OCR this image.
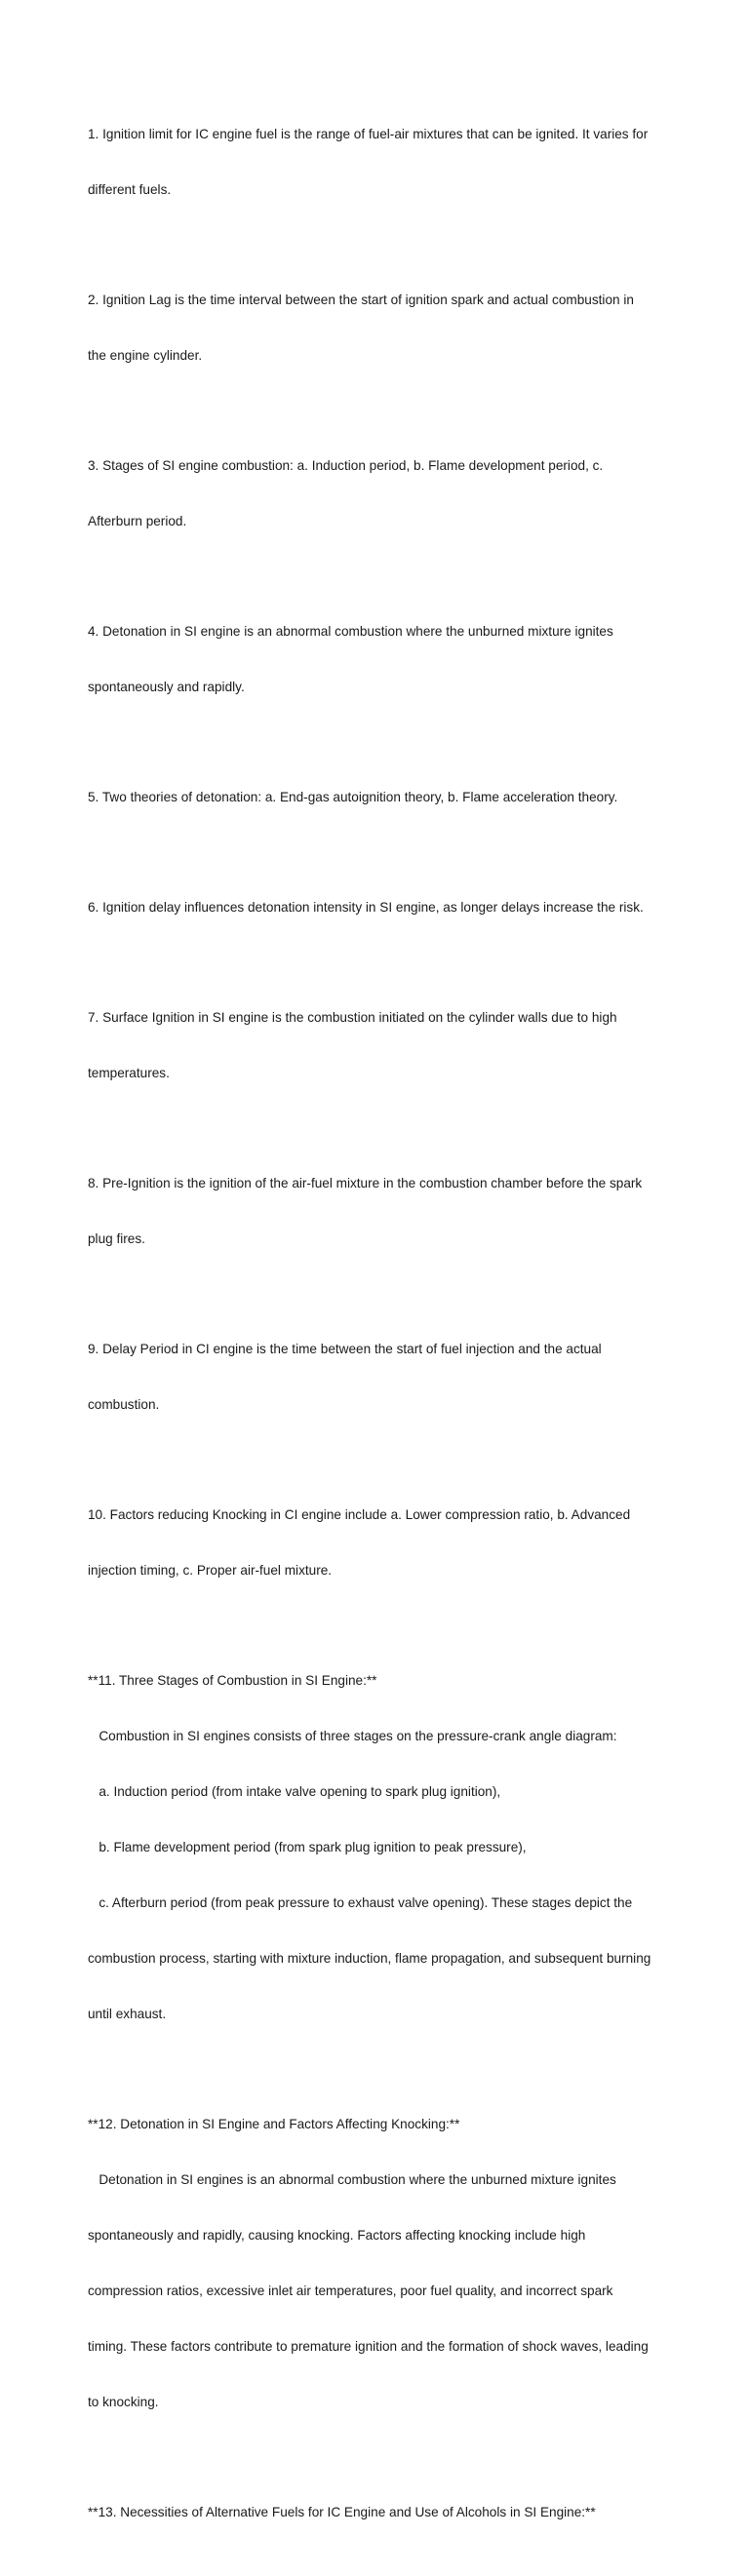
1. Ignition limit for IC engine fuel is the range of fuel-air mixtures that can be ignited. It varies for

different fuels.

2. Ignition Lag is the time interval between the start of ignition spark and actual combustion in

the engine cylinder.

3. Stages of SI engine combustion: a. Induction period, b. Flame development period, c.

Afterburn period.

4. Detonation in SI engine is an abnormal combustion where the unburned mixture ignites

spontaneously and rapidly.

5. Two theories of detonation: a. End-gas autoignition theory, b. Flame acceleration theory.

6. Ignition delay influences detonation intensity in SI engine, as longer delays increase the risk.

7. Surface Ignition in SI engine is the combustion initiated on the cylinder walls due to high

temperatures.

8. Pre-Ignition is the ignition of the air-fuel mixture in the combustion chamber before the spark

plug fires.

9. Delay Period in CI engine is the time between the start of fuel injection and the actual

combustion.

10. Factors reducing Knocking in CI engine include a. Lower compression ratio, b. Advanced

injection timing, c. Proper air-fuel mixture.

**11. Three Stages of Combustion in SI Engine:**

Combustion in SI engines consists of three stages on the pressure-crank angle diagram:

a. Induction period (from intake valve opening to spark plug ignition),

b. Flame development period (from spark plug ignition to peak pressure),

c. Afterburn period (from peak pressure to exhaust valve opening). These stages depict the

combustion process, starting with mixture induction, flame propagation, and subsequent burning

until exhaust.

**12. Detonation in SI Engine and Factors Affecting Knocking:**

Detonation in SI engines is an abnormal combustion where the unburned mixture ignites

spontaneously and rapidly, causing knocking. Factors affecting knocking include high

compression ratios, excessive inlet air temperatures, poor fuel quality, and incorrect spark

timing. These factors contribute to premature ignition and the formation of shock waves, leading

to knocking.

**13. Necessities of Alternative Fuels for IC Engine and Use of Alcohols in SI Engine:**
